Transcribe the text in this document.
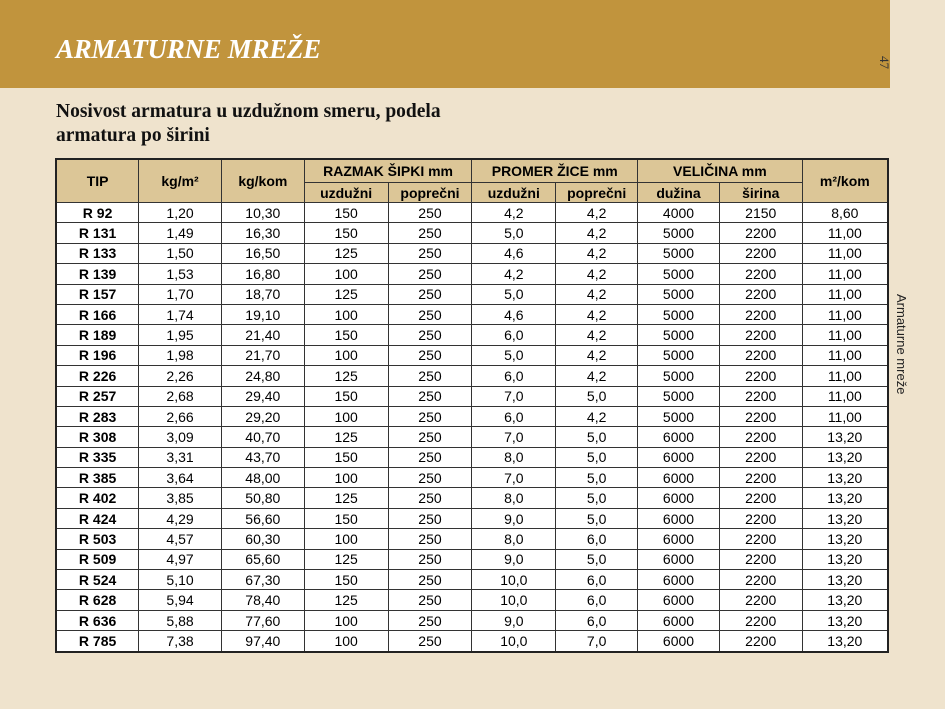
ARMATURNE MREŽE	47
Armaturne mreže
Nosivost armatura u uzdužnom smeru, podela
armatura po širini
TIP	kg/m²	kg/kom	RAZMAK ŠIPKI mm		PROMER ŽICE mm		VELIČINA mm		m²/kom
			uzdužni	poprečni	uzdužni	poprečni	dužina	širina	
R 92	1,20	10,30	150	250	4,2	4,2	4000	2150	8,60
R 131	1,49	16,30	150	250	5,0	4,2	5000	2200	11,00
R 133	1,50	16,50	125	250	4,6	4,2	5000	2200	11,00
R 139	1,53	16,80	100	250	4,2	4,2	5000	2200	11,00
R 157	1,70	18,70	125	250	5,0	4,2	5000	2200	11,00
R 166	1,74	19,10	100	250	4,6	4,2	5000	2200	11,00
R 189	1,95	21,40	150	250	6,0	4,2	5000	2200	11,00
R 196	1,98	21,70	100	250	5,0	4,2	5000	2200	11,00
R 226	2,26	24,80	125	250	6,0	4,2	5000	2200	11,00
R 257	2,68	29,40	150	250	7,0	5,0	5000	2200	11,00
R 283	2,66	29,20	100	250	6,0	4,2	5000	2200	11,00
R 308	3,09	40,70	125	250	7,0	5,0	6000	2200	13,20
R 335	3,31	43,70	150	250	8,0	5,0	6000	2200	13,20
R 385	3,64	48,00	100	250	7,0	5,0	6000	2200	13,20
R 402	3,85	50,80	125	250	8,0	5,0	6000	2200	13,20
R 424	4,29	56,60	150	250	9,0	5,0	6000	2200	13,20
R 503	4,57	60,30	100	250	8,0	6,0	6000	2200	13,20
R 509	4,97	65,60	125	250	9,0	5,0	6000	2200	13,20
R 524	5,10	67,30	150	250	10,0	6,0	6000	2200	13,20
R 628	5,94	78,40	125	250	10,0	6,0	6000	2200	13,20
R 636	5,88	77,60	100	250	9,0	6,0	6000	2200	13,20
R 785	7,38	97,40	100	250	10,0	7,0	6000	2200	13,20
